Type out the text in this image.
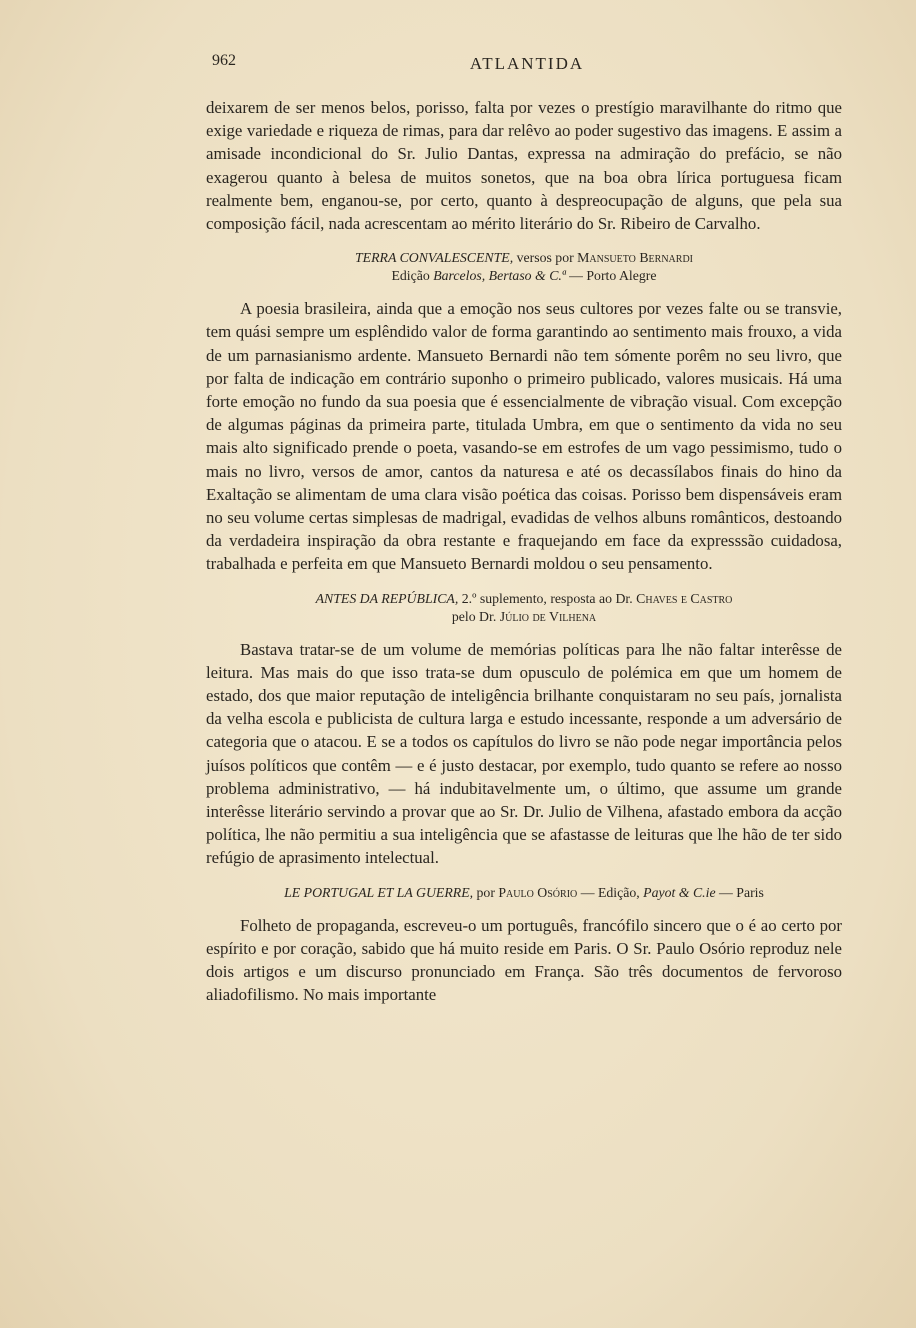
962	ATLANTIDA

deixarem de ser menos belos, porisso, falta por vezes o prestígio maravilhante do ritmo que exige variedade e riqueza de rimas, para dar relêvo ao poder sugestivo das imagens. E assim a amisade incondicional do Sr. Julio Dantas, expressa na admiração do prefácio, se não exagerou quanto à belesa de muitos sonetos, que na boa obra lírica portuguesa ficam realmente bem, enganou-se, por certo, quanto à despreocupação de alguns, que pela sua composição fácil, nada acrescentam ao mérito literário do Sr. Ribeiro de Carvalho.

TERRA CONVALESCENTE, versos por Mansueto Bernardi
Edição Barcelos, Bertaso & C.ª — Porto Alegre

A poesia brasileira, ainda que a emoção nos seus cultores por vezes falte ou se transvie, tem quási sempre um esplêndido valor de forma garantindo ao sentimento mais frouxo, a vida de um parnasianismo ardente. Mansueto Bernardi não tem sómente porêm no seu livro, que por falta de indicação em contrário suponho o primeiro publicado, valores musicais. Há uma forte emoção no fundo da sua poesia que é essencialmente de vibração visual. Com excepção de algumas páginas da primeira parte, titulada Umbra, em que o sentimento da vida no seu mais alto significado prende o poeta, vasando-se em estrofes de um vago pessimismo, tudo o mais no livro, versos de amor, cantos da naturesa e até os decassílabos finais do hino da Exaltação se alimentam de uma clara visão poética das coisas. Porisso bem dispensáveis eram no seu volume certas simplesas de madrigal, evadidas de velhos albuns românticos, destoando da verdadeira inspiração da obra restante e fraquejando em face da expresssão cuidadosa, trabalhada e perfeita em que Mansueto Bernardi moldou o seu pensamento.

ANTES DA REPÚBLICA, 2.º suplemento, resposta ao Dr. Chaves e Castro
pelo Dr. Júlio de Vilhena

Bastava tratar-se de um volume de memórias políticas para lhe não faltar interêsse de leitura. Mas mais do que isso trata-se dum opusculo de polémica em que um homem de estado, dos que maior reputação de inteligência brilhante conquistaram no seu país, jornalista da velha escola e publicista de cultura larga e estudo incessante, responde a um adversário de categoria que o atacou. E se a todos os capítulos do livro se não pode negar importância pelos juísos políticos que contêm — e é justo destacar, por exemplo, tudo quanto se refere ao nosso problema administrativo, — há indubitavelmente um, o último, que assume um grande interêsse literário servindo a provar que ao Sr. Dr. Julio de Vilhena, afastado embora da acção política, lhe não permitiu a sua inteligência que se afastasse de leituras que lhe hão de ter sido refúgio de aprasimento intelectual.

LE PORTUGAL ET LA GUERRE, por Paulo Osório — Edição, Payot & C.ie — Paris

Folheto de propaganda, escreveu-o um português, francófilo sincero que o é ao certo por espírito e por coração, sabido que há muito reside em Paris. O Sr. Paulo Osório reproduz nele dois artigos e um discurso pronunciado em França. São três documentos de fervoroso aliadofilismo. No mais importante
